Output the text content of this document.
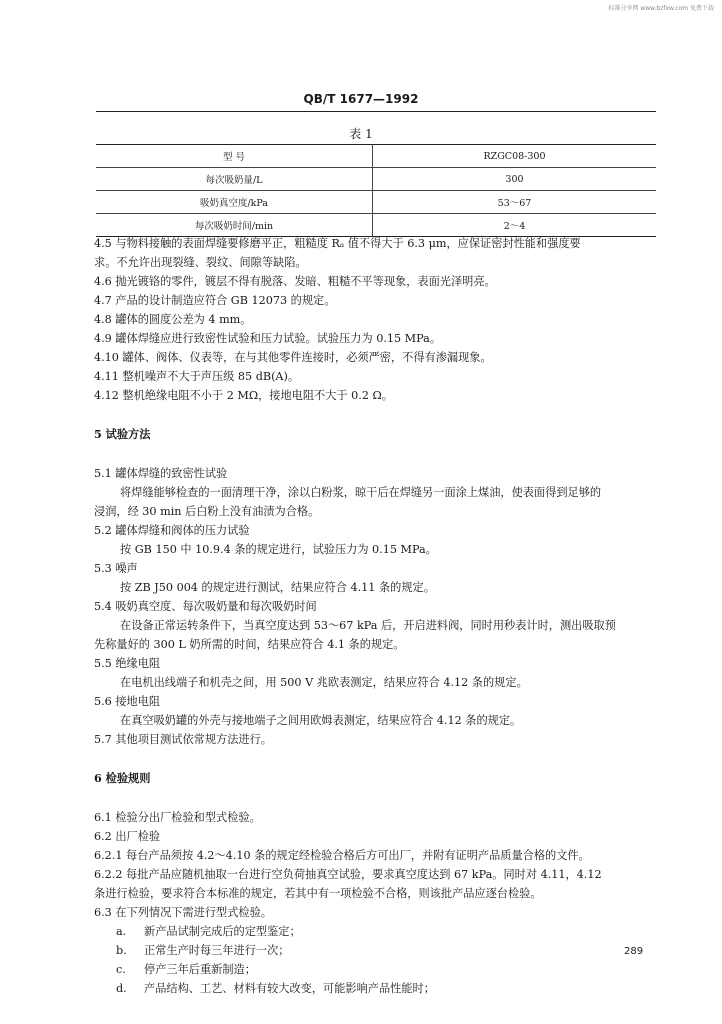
标准分享网 www.bzfxw.com 免费下载
QB/T 1677—1992
表 1
型 号	RZGC08-300
每次吸奶量/L	300
吸奶真空度/kPa	53～67
每次吸奶时间/min	2～4
4.5 与物料接触的表面焊缝要修磨平正，粗糙度 Rₐ 值不得大于 6.3 μm，应保证密封性能和强度要
求。不允许出现裂缝、裂纹、间隙等缺陷。
4.6 抛光镀铬的零件，镀层不得有脱落、发暗、粗糙不平等现象，表面光泽明亮。
4.7 产品的设计制造应符合 GB 12073 的规定。
4.8 罐体的圆度公差为 4 mm。
4.9 罐体焊缝应进行致密性试验和压力试验。试验压力为 0.15 MPa。
4.10 罐体、阀体、仪表等，在与其他零件连接时，必须严密，不得有渗漏现象。
4.11 整机噪声不大于声压级 85 dB(A)。
4.12 整机绝缘电阻不小于 2 MΩ，接地电阻不大于 0.2 Ω。
5 试验方法
5.1 罐体焊缝的致密性试验
将焊缝能够检查的一面清理干净，涂以白粉浆，晾干后在焊缝另一面涂上煤油，使表面得到足够的
浸润，经 30 min 后白粉上没有油渍为合格。
5.2 罐体焊缝和阀体的压力试验
按 GB 150 中 10.9.4 条的规定进行，试验压力为 0.15 MPa。
5.3 噪声
按 ZB J50 004 的规定进行测试，结果应符合 4.11 条的规定。
5.4 吸奶真空度、每次吸奶量和每次吸奶时间
在设备正常运转条件下，当真空度达到 53～67 kPa 后，开启进料阀，同时用秒表计时，测出吸取预
先称量好的 300 L 奶所需的时间，结果应符合 4.1 条的规定。
5.5 绝缘电阻
在电机出线端子和机壳之间，用 500 V 兆欧表测定，结果应符合 4.12 条的规定。
5.6 接地电阻
在真空吸奶罐的外壳与接地端子之间用欧姆表测定，结果应符合 4.12 条的规定。
5.7 其他项目测试依常规方法进行。
6 检验规则
6.1 检验分出厂检验和型式检验。
6.2 出厂检验
6.2.1 每台产品须按 4.2～4.10 条的规定经检验合格后方可出厂，并附有证明产品质量合格的文件。
6.2.2 每批产品应随机抽取一台进行空负荷抽真空试验，要求真空度达到 67 kPa。同时对 4.11，4.12
条进行检验，要求符合本标准的规定，若其中有一项检验不合格，则该批产品应逐台检验。
6.3 在下列情况下需进行型式检验。
a. 新产品试制完成后的定型鉴定；
b. 正常生产时每三年进行一次；
c. 停产三年后重新制造；
d. 产品结构、工艺、材料有较大改变，可能影响产品性能时；
289
